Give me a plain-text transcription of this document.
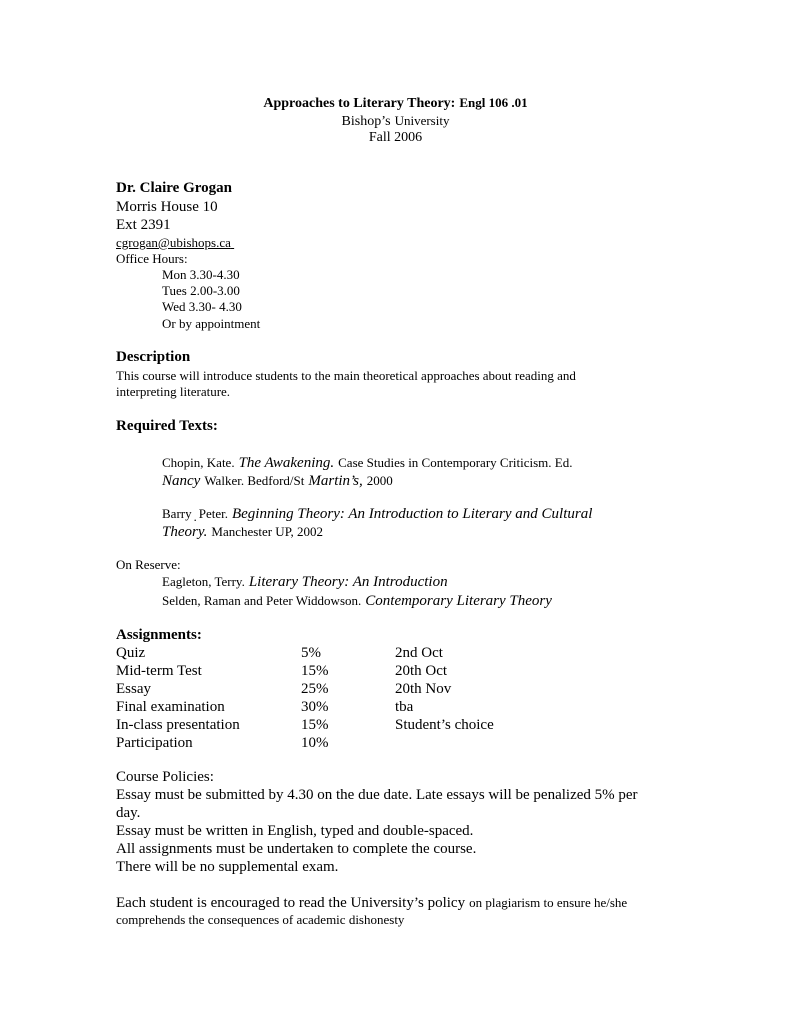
Approaches to Literary Theory: Engl 106 .01
Bishop’s University
Fall 2006
Dr. Claire Grogan
Morris House 10
Ext 2391
cgrogan@ubishops.ca
Office Hours:
Mon 3.30-4.30
Tues 2.00-3.00
Wed 3.30- 4.30
Or by appointment
Description
This course will introduce students to the main theoretical approaches about reading and
interpreting literature.
Required Texts:
Chopin, Kate. The Awakening. Case Studies in Contemporary Criticism. Ed.
Nancy Walker. Bedford/St Martin’s, 2000
Barry . Peter. Beginning Theory: An Introduction to Literary and Cultural
Theory. Manchester UP, 2002
On Reserve:
Eagleton, Terry. Literary Theory: An Introduction
Selden, Raman and Peter Widdowson. Contemporary Literary Theory
Assignments:
Quiz	5%	2nd Oct
Mid-term Test	15%	20th Oct
Essay	25%	20th Nov
Final examination	30%	tba
In-class presentation	15%	Student’s choice
Participation	10%
Course Policies:
Essay must be submitted by 4.30 on the due date. Late essays will be penalized 5% per
day.
Essay must be written in English, typed and double-spaced.
All assignments must be undertaken to complete the course.
There will be no supplemental exam.
Each student is encouraged to read the University’s policy on plagiarism to ensure he/she
comprehends the consequences of academic dishonesty
